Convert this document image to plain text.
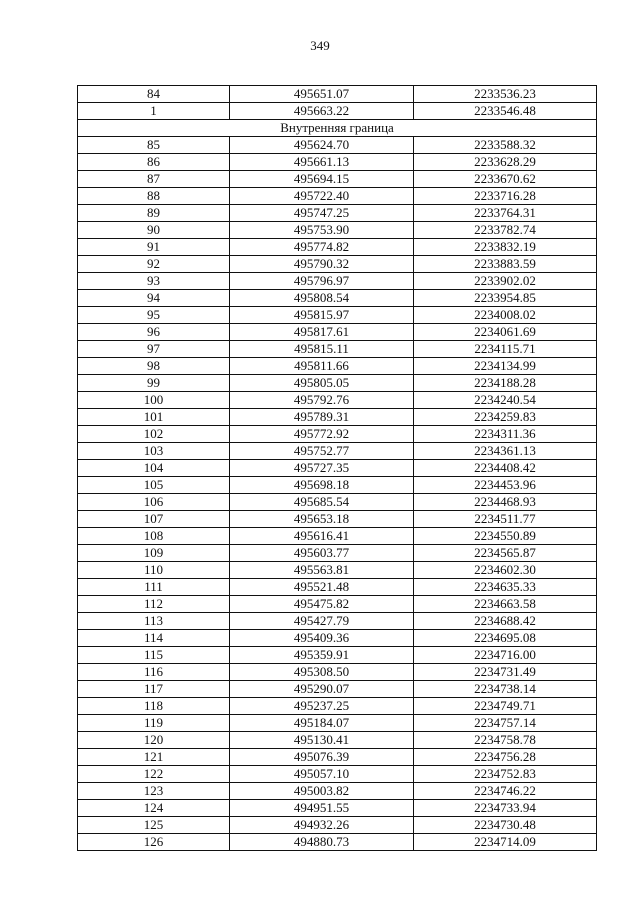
349
84	495651.07	2233536.23
1	495663.22	2233546.48
Внутренняя граница		
85	495624.70	2233588.32
86	495661.13	2233628.29
87	495694.15	2233670.62
88	495722.40	2233716.28
89	495747.25	2233764.31
90	495753.90	2233782.74
91	495774.82	2233832.19
92	495790.32	2233883.59
93	495796.97	2233902.02
94	495808.54	2233954.85
95	495815.97	2234008.02
96	495817.61	2234061.69
97	495815.11	2234115.71
98	495811.66	2234134.99
99	495805.05	2234188.28
100	495792.76	2234240.54
101	495789.31	2234259.83
102	495772.92	2234311.36
103	495752.77	2234361.13
104	495727.35	2234408.42
105	495698.18	2234453.96
106	495685.54	2234468.93
107	495653.18	2234511.77
108	495616.41	2234550.89
109	495603.77	2234565.87
110	495563.81	2234602.30
111	495521.48	2234635.33
112	495475.82	2234663.58
113	495427.79	2234688.42
114	495409.36	2234695.08
115	495359.91	2234716.00
116	495308.50	2234731.49
117	495290.07	2234738.14
118	495237.25	2234749.71
119	495184.07	2234757.14
120	495130.41	2234758.78
121	495076.39	2234756.28
122	495057.10	2234752.83
123	495003.82	2234746.22
124	494951.55	2234733.94
125	494932.26	2234730.48
126	494880.73	2234714.09
